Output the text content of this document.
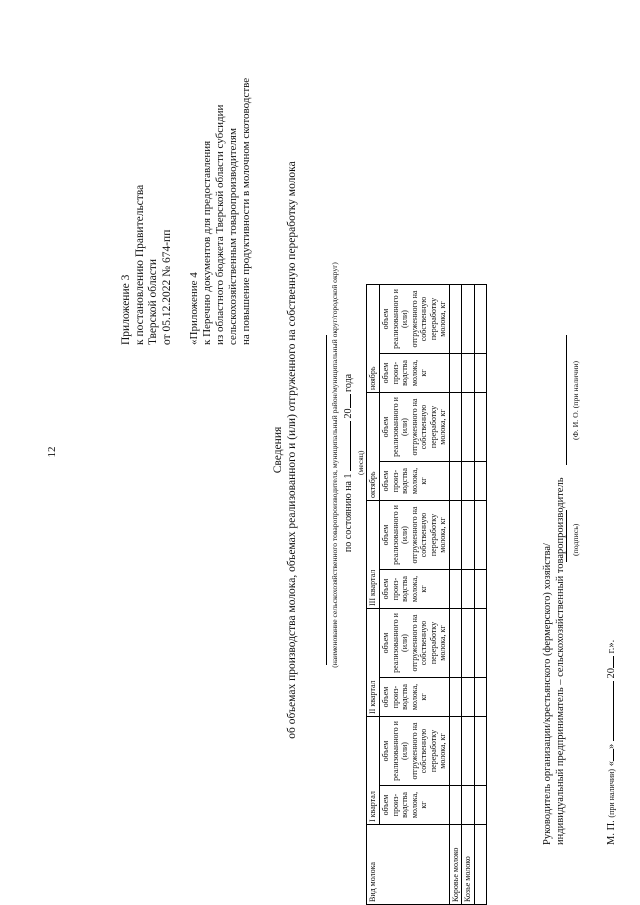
12
Приложение 3 к постановлению Правительства Тверской области от 05.12.2022 № 674-пп «Приложение 4 к Перечню документов для предоставления из областного бюджета Тверской области субсидии сельскохозяйственным товаропроизводителям на повышение продуктивности в молочном скотоводстве
Сведения об объемах производства молока, объемах реализованного и (или) отгруженного на собственную переработку молока	(наименование сельскохозяйственного товаропроизводителя, муниципальный район/муниципальный округ/городской округ) по состоянию на 1  20 года
(месяц)
Вид молока	I квартал		II квартал		III квартал		октябрь		ноябрь	
	объем произ-водства молока, кг	объем реализованного и (или) отгруженного на собственную переработку молока, кг	объем произ-водства молока, кг	объем реализованного и (или) отгруженного на собственную переработку молока, кг	объем произ-водства молока, кг	объем реализованного и (или) отгруженного на собственную переработку молока, кг	объем произ-водства молока, кг	объем реализованного и (или) отгруженного на собственную переработку молока, кг	объем произ-водства молока, кг	объем реализованного и (или) отгруженного на собственную переработку молока, кг
Коровье молоко										
Козье молоко										

Руководитель организации/крестьянского (фермерского) хозяйства/ индивидуальный предприниматель – сельскохозяйственный товаропроизводитель (подпись)
(Ф. И. О. (при наличии)
М. П. (при наличии) «»  20 г.».
